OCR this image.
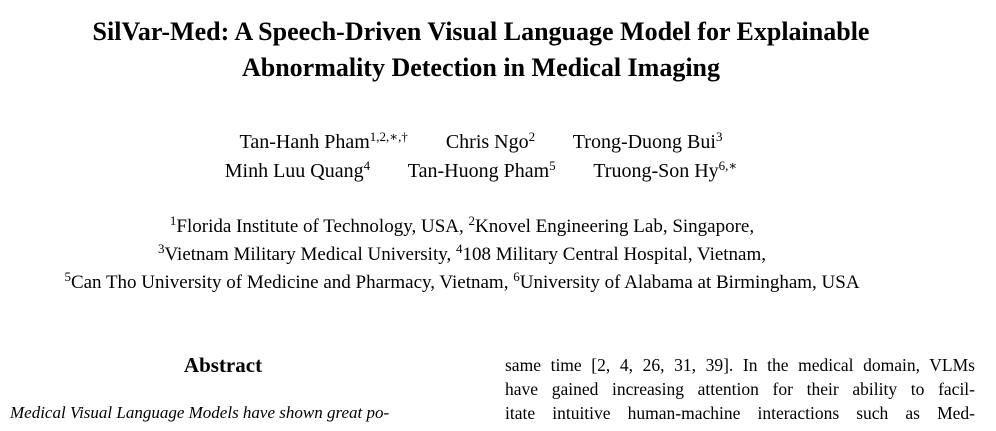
SilVar-Med: A Speech-Driven Visual Language Model for Explainable
Abnormality Detection in Medical Imaging
Tan-Hanh Pham$^{1,2,∗,\dagger}$ Chris Ngo$^2$ Trong-Duong Bui$^3$
Minh Luu Quang$^4$ Tan-Huong Pham$^5$ Truong-Son $Hy^{6,∗}$
$^1$Florida Institute of Technology, USA, $^2$Knovel Engineering Lab, Singapore,
$^3$Vietnam Military Medical University, $^4$108 Military Central Hospital, Vietnam,
$^5$Can Tho University of Medicine and Pharmacy, Vietnam, $^6$University of Alabama at Birmingham, USA
Abstract
Medical Visual Language Models have shown great po-
same time [2, 4, 26, 31, 39]. In the medical domain, VLMs
have gained increasing attention for their ability to facil-
itate intuitive human-machine interactions such as Med-
